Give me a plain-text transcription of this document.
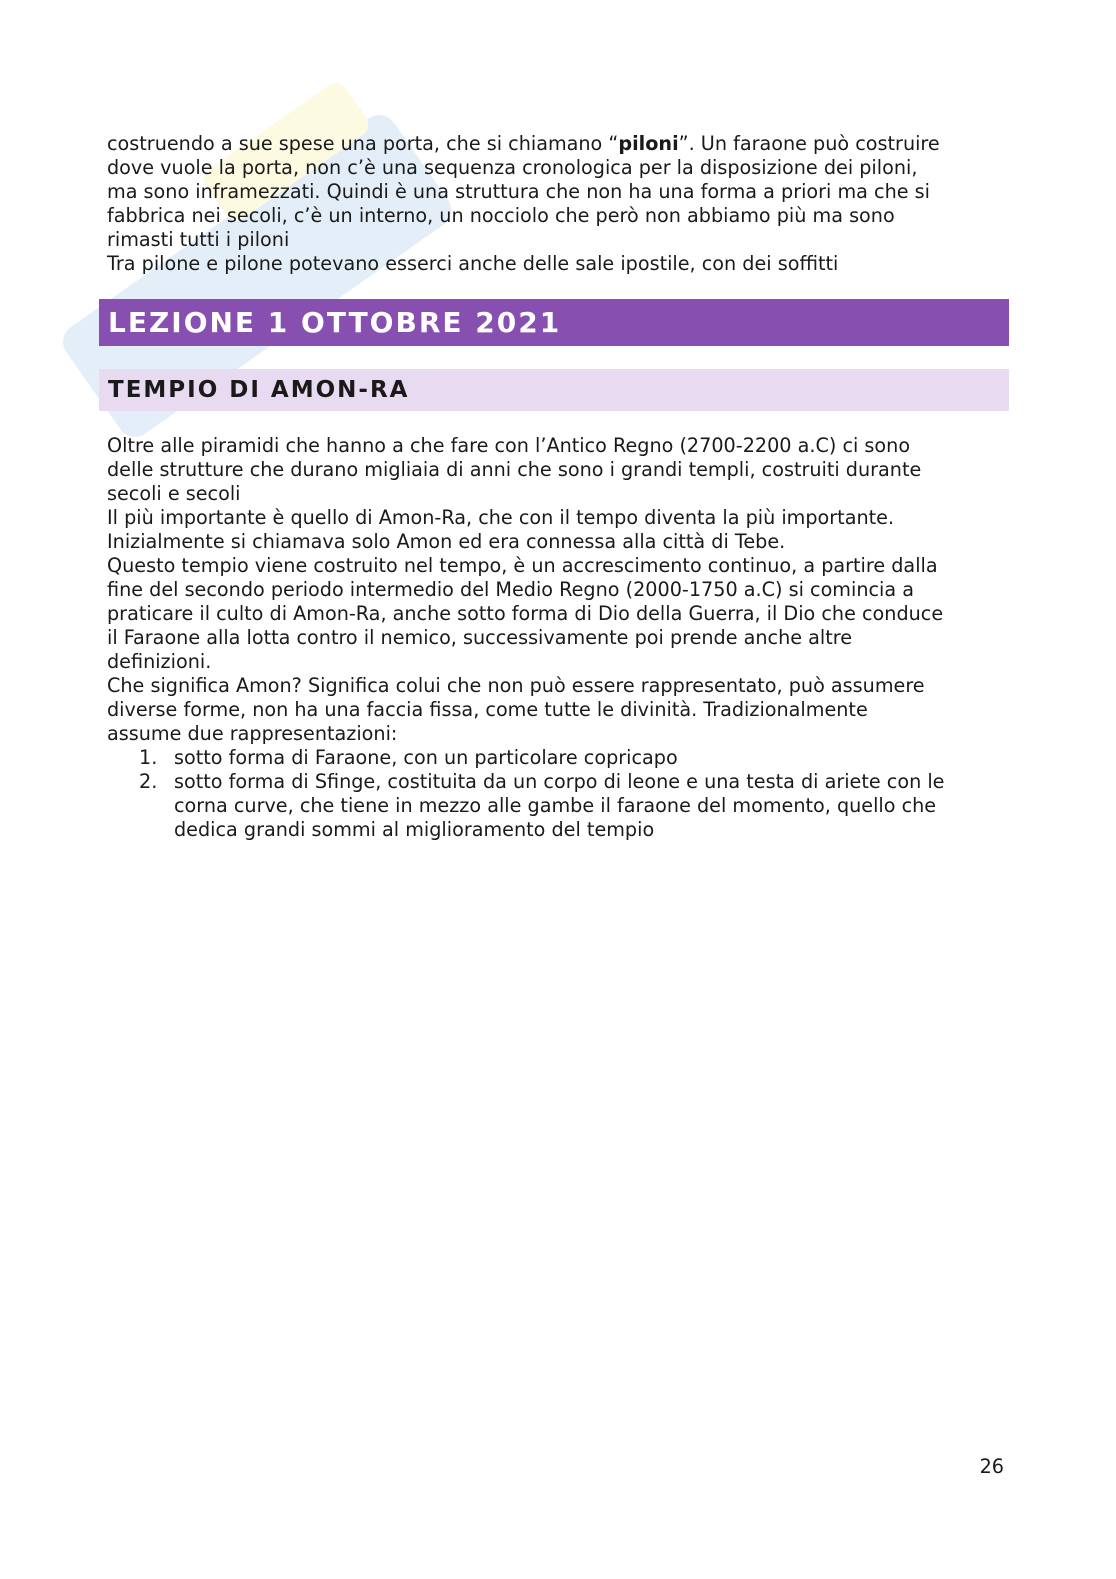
costruendo a sue spese una porta, che si chiamano “piloni”. Un faraone può costruire
dove vuole la porta, non c’è una sequenza cronologica per la disposizione dei piloni,
ma sono inframezzati. Quindi è una struttura che non ha una forma a priori ma che si
fabbrica nei secoli, c’è un interno, un nocciolo che però non abbiamo più ma sono
rimasti tutti i piloni
Tra pilone e pilone potevano esserci anche delle sale ipostile, con dei soffitti
LEZIONE 1 OTTOBRE 2021
TEMPIO DI AMON-RA
Oltre alle piramidi che hanno a che fare con l’Antico Regno (2700-2200 a.C) ci sono
delle strutture che durano migliaia di anni che sono i grandi templi, costruiti durante
secoli e secoli
Il più importante è quello di Amon-Ra, che con il tempo diventa la più importante.
Inizialmente si chiamava solo Amon ed era connessa alla città di Tebe.
Questo tempio viene costruito nel tempo, è un accrescimento continuo, a partire dalla
fine del secondo periodo intermedio del Medio Regno (2000-1750 a.C) si comincia a
praticare il culto di Amon-Ra, anche sotto forma di Dio della Guerra, il Dio che conduce
il Faraone alla lotta contro il nemico, successivamente poi prende anche altre
definizioni.
Che significa Amon? Significa colui che non può essere rappresentato, può assumere
diverse forme, non ha una faccia fissa, come tutte le divinità. Tradizionalmente
assume due rappresentazioni:
1. sotto forma di Faraone, con un particolare copricapo
2. sotto forma di Sfinge, costituita da un corpo di leone e una testa di ariete con le
corna curve, che tiene in mezzo alle gambe il faraone del momento, quello che
dedica grandi sommi al miglioramento del tempio
26
